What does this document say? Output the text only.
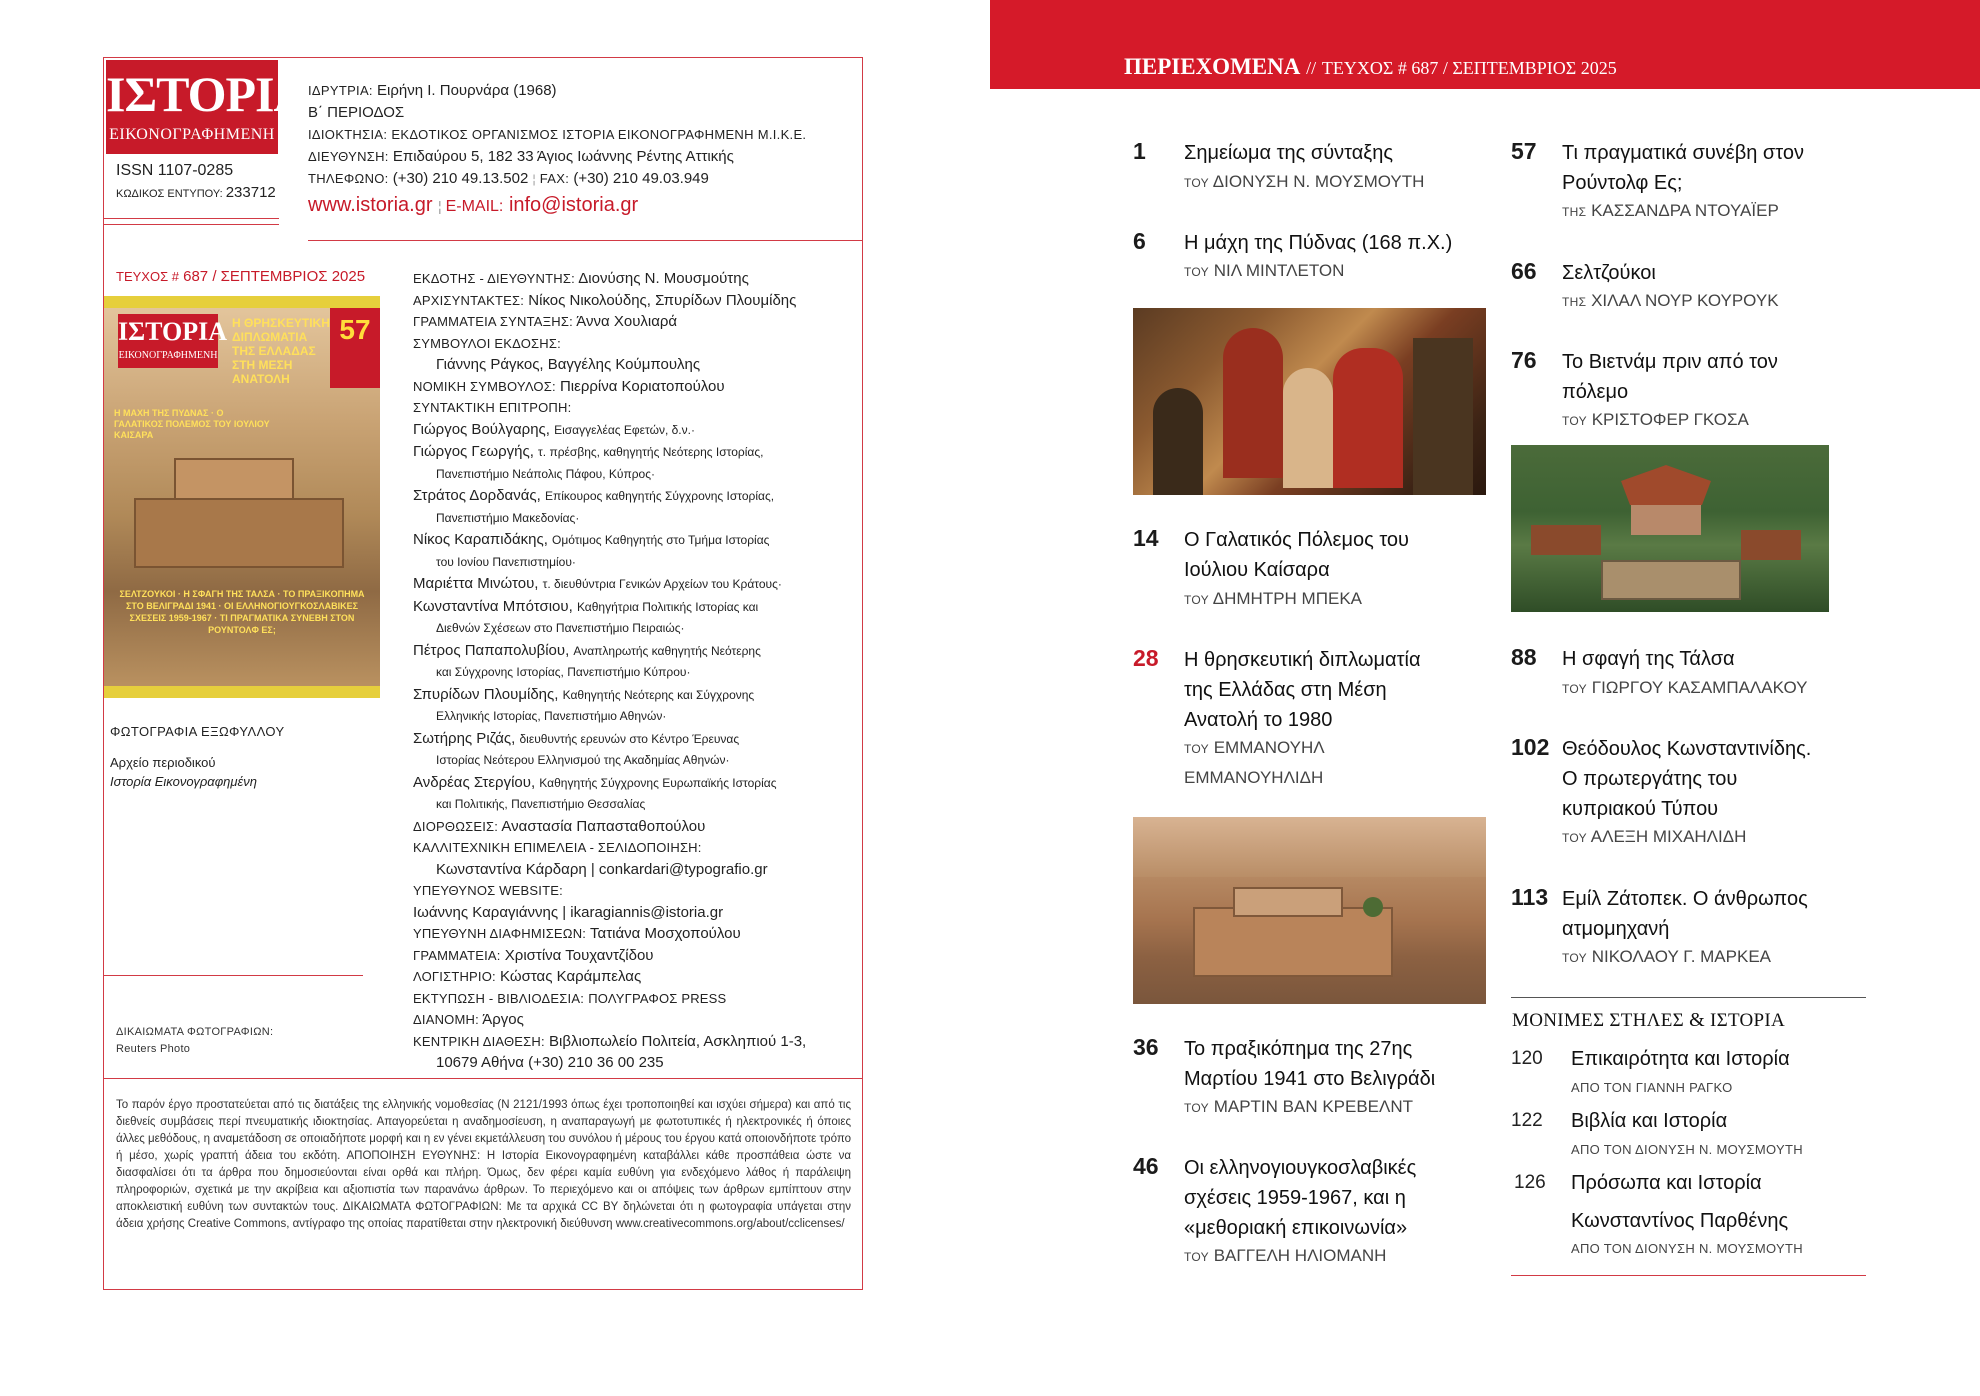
ΙΣΤΟΡΙΑ
ΕΙΚΟΝΟΓΡΑΦΗΜΕΝΗ
ISSN 1107-0285
ΚΩΔΙΚΟΣ ΕΝΤΥΠΟΥ: 233712
ΙΔΡΥΤΡΙΑ: Ειρήνη Ι. Πουρνάρα (1968)
Β΄ ΠΕΡΙΟΔΟΣ
ΙΔΙΟΚΤΗΣΙΑ: ΕΚΔΟΤΙΚΟΣ ΟΡΓΑΝΙΣΜΟΣ ΙΣΤΟΡΙΑ ΕΙΚΟΝΟΓΡΑΦΗΜΕΝΗ Μ.Ι.Κ.Ε.
ΔΙΕΥΘΥΝΣΗ: Επιδαύρου 5, 182 33 Άγιος Ιωάννης Ρέντης Αττικής
ΤΗΛΕΦΩΝΟ: (+30) 210 49.13.502 ¦ FAX: (+30) 210 49.03.949
www.istoria.gr ¦ E-MAIL: info@istoria.gr
ΤΕΥΧΟΣ # 687 / ΣΕΠΤΕΜΒΡΙΟΣ 2025
ΙΣΤΟΡΙΑ
ΕΙΚΟΝΟΓΡΑΦΗΜΕΝΗ
57
Η ΘΡΗΣΚΕΥΤΙΚΗ ΔΙΠΛΩΜΑΤΙΑ ΤΗΣ ΕΛΛΑΔΑΣ ΣΤΗ ΜΕΣΗ ΑΝΑΤΟΛΗ
Η ΜΑΧΗ ΤΗΣ ΠΥΔΝΑΣ · Ο ΓΑΛΑΤΙΚΟΣ ΠΟΛΕΜΟΣ ΤΟΥ ΙΟΥΛΙΟΥ ΚΑΙΣΑΡΑ
ΣΕΛΤΖΟΥΚΟΙ · Η ΣΦΑΓΗ ΤΗΣ ΤΑΛΣΑ · ΤΟ ΠΡΑΞΙΚΟΠΗΜΑ ΣΤΟ ΒΕΛΙΓΡΑΔΙ 1941 · ΟΙ ΕΛΛΗΝΟΓΙΟΥΓΚΟΣΛΑΒΙΚΕΣ ΣΧΕΣΕΙΣ 1959-1967 · ΤΙ ΠΡΑΓΜΑΤΙΚΑ ΣΥΝΕΒΗ ΣΤΟΝ ΡΟΥΝΤΟΛΦ ΕΣ;
ΦΩΤΟΓΡΑΦΙΑ ΕΞΩΦΥΛΛΟΥ
Αρχείο περιοδικού
Ιστορία Εικονογραφημένη
ΔΙΚΑΙΩΜΑΤΑ ΦΩΤΟΓΡΑΦΙΩΝ:
Reuters Photo
ΕΚΔΟΤΗΣ - ΔΙΕΥΘΥΝΤΗΣ: Διονύσης Ν. Μουσμούτης
ΑΡΧΙΣΥΝΤΑΚΤΕΣ: Νίκος Νικολούδης, Σπυρίδων Πλουμίδης
ΓΡΑΜΜΑΤΕΙΑ ΣΥΝΤΑΞΗΣ: Άννα Χουλιαρά
ΣΥΜΒΟΥΛΟΙ ΕΚΔΟΣΗΣ:
Γιάννης Ράγκος, Βαγγέλης Κούμπουλης
ΝΟΜΙΚΗ ΣΥΜΒΟΥΛΟΣ: Πιερρίνα Κοριατοπούλου
ΣΥΝΤΑΚΤΙΚΗ ΕΠΙΤΡΟΠΗ:
Γιώργος Βούλγαρης, Εισαγγελέας Εφετών, δ.ν.·
Γιώργος Γεωργής, τ. πρέσβης, καθηγητής Νεότερης Ιστορίας,
Πανεπιστήμιο Νεάπολις Πάφου, Κύπρος·
Στράτος Δορδανάς, Επίκουρος καθηγητής Σύγχρονης Ιστορίας,
Πανεπιστήμιο Μακεδονίας·
Νίκος Καραπιδάκης, Ομότιμος Καθηγητής στο Τμήμα Ιστορίας
του Ιονίου Πανεπιστημίου·
Μαριέττα Μινώτου, τ. διευθύντρια Γενικών Αρχείων του Κράτους·
Κωνσταντίνα Μπότσιου, Καθηγήτρια Πολιτικής Ιστορίας και
Διεθνών Σχέσεων στο Πανεπιστήμιο Πειραιώς·
Πέτρος Παπαπολυβίου, Αναπληρωτής καθηγητής Νεότερης
και Σύγχρονης Ιστορίας, Πανεπιστήμιο Κύπρου·
Σπυρίδων Πλουμίδης, Καθηγητής Νεότερης και Σύγχρονης
Ελληνικής Ιστορίας, Πανεπιστήμιο Αθηνών·
Σωτήρης Ριζάς, διευθυντής ερευνών στο Κέντρο Έρευνας
Ιστορίας Νεότερου Ελληνισμού της Ακαδημίας Αθηνών·
Ανδρέας Στεργίου, Καθηγητής Σύγχρονης Ευρωπαϊκής Ιστορίας
και Πολιτικής, Πανεπιστήμιο Θεσσαλίας
ΔΙΟΡΘΩΣΕΙΣ: Αναστασία Παπασταθοπούλου
ΚΑΛΛΙΤΕΧΝΙΚΗ ΕΠΙΜΕΛΕΙΑ - ΣΕΛΙΔΟΠΟΙΗΣΗ:
Κωνσταντίνα Κάρδαρη | conkardari@typografio.gr
ΥΠΕΥΘΥΝΟΣ WEBSITE:
Ιωάννης Καραγιάννης | ikaragiannis@istoria.gr
ΥΠΕΥΘΥΝΗ ΔΙΑΦΗΜΙΣΕΩΝ: Τατιάνα Μοσχοπούλου
ΓΡΑΜΜΑΤΕΙΑ: Χριστίνα Τουχαντζίδου
ΛΟΓΙΣΤΗΡΙΟ: Κώστας Καράμπελας
ΕΚΤΥΠΩΣΗ - ΒΙΒΛΙΟΔΕΣΙΑ: ΠΟΛΥΓΡΑΦΟΣ PRESS
ΔΙΑΝΟΜΗ: Άργος
ΚΕΝΤΡΙΚΗ ΔΙΑΘΕΣΗ: Βιβλιοπωλείο Πολιτεία, Ασκληπιού 1-3,
10679 Αθήνα (+30) 210 36 00 235
Το παρόν έργο προστατεύεται από τις διατάξεις της ελληνικής νομοθεσίας (Ν 2121/1993 όπως έχει τροποποιηθεί και ισχύει σήμερα) και από τις διεθνείς συμβάσεις περί πνευματικής ιδιοκτησίας. Απαγορεύεται η αναδημοσίευση, η αναπαραγωγή με φωτοτυπικές ή ηλεκτρονικές ή όποιες άλλες μεθόδους, η αναμετάδοση σε οποιαδήποτε μορφή και η εν γένει εκμετάλλευση του συνόλου ή μέρους του έργου κατά οποιονδήποτε τρόπο ή μέσο, χωρίς γραπτή άδεια του εκδότη. ΑΠΟΠΟΙΗΣΗ ΕΥΘΥΝΗΣ: Η Ιστορία Εικονογραφημένη καταβάλλει κάθε προσπάθεια ώστε να διασφαλίσει ότι τα άρθρα που δημοσιεύονται είναι ορθά και πλήρη. Όμως, δεν φέρει καμία ευθύνη για ενδεχόμενο λάθος ή παράλειψη πληροφοριών, σχετικά με την ακρίβεια και αξιοπιστία των παρανάνω άρθρων. Το περιεχόμενο και οι απόψεις των άρθρων εμπίπτουν στην αποκλειστική ευθύνη των συντακτών τους. ΔΙΚΑΙΩΜΑΤΑ ΦΩΤΟΓΡΑΦΙΩΝ: Με τα αρχικά CC BY δηλώνεται ότι η φωτογραφία υπάγεται στην άδεια χρήσης Creative Commons, αντίγραφο της οποίας παρατίθεται στην ηλεκτρονική διεύθυνση www.creativecommons.org/about/cclicenses/
ΠΕΡΙΕΧΟΜΕΝΑ // ΤΕΥΧΟΣ # 687 / ΣΕΠΤΕΜΒΡΙΟΣ 2025
1 Σημείωμα της σύνταξης
ΤΟΥ ΔΙΟΝΥΣΗ Ν. ΜΟΥΣΜΟΥΤΗ
6 Η μάχη της Πύδνας (168 π.Χ.)
ΤΟΥ ΝΙΛ ΜΙΝΤΛΕΤΟΝ
14 Ο Γαλατικός Πόλεμος του
Ιούλιου Καίσαρα
ΤΟΥ ΔΗΜΗΤΡΗ ΜΠΕΚΑ
28 Η θρησκευτική διπλωματία
της Ελλάδας στη Μέση
Ανατολή το 1980
ΤΟΥ ΕΜΜΑΝΟΥΗΛ
ΕΜΜΑΝΟΥΗΛΙΔΗ
36 Το πραξικόπημα της 27ης
Μαρτίου 1941 στο Βελιγράδι
ΤΟΥ ΜΑΡΤΙΝ ΒΑΝ ΚΡΕΒΕΛΝΤ
46 Οι ελληνογιουγκοσλαβικές
σχέσεις 1959-1967, και η
«μεθοριακή επικοινωνία»
ΤΟΥ ΒΑΓΓΕΛΗ ΗΛΙΟΜΑΝΗ
57 Τι πραγματικά συνέβη στον
Ρούντολφ Ες;
ΤΗΣ ΚΑΣΣΑΝΔΡΑ ΝΤΟΥΑΪΕΡ
66 Σελτζούκοι
ΤΗΣ ΧΙΛΑΛ ΝΟΥΡ ΚΟΥΡΟΥΚ
76 Το Βιετνάμ πριν από τον
πόλεμο
ΤΟΥ ΚΡΙΣΤΟΦΕΡ ΓΚΟΣΑ
88 Η σφαγή της Τάλσα
ΤΟΥ ΓΙΩΡΓΟΥ ΚΑΣΑΜΠΑΛΑΚΟΥ
102 Θεόδουλος Κωνσταντινίδης.
Ο πρωτεργάτης του
κυπριακού Τύπου
ΤΟΥ ΑΛΕΞΗ ΜΙΧΑΗΛΙΔΗ
113 Εμίλ Ζάτοπεκ. Ο άνθρωπος
ατμομηχανή
ΤΟΥ ΝΙΚΟΛΑΟΥ Γ. ΜΑΡΚΕΑ
ΜΟΝΙΜΕΣ ΣΤΗΛΕΣ & ΙΣΤΟΡΙΑ
120 Επικαιρότητα και Ιστορία
ΑΠΟ ΤΟΝ ΓΙΑΝΝΗ ΡΑΓΚΟ
122 Βιβλία και Ιστορία
ΑΠΟ ΤΟΝ ΔΙΟΝΥΣΗ Ν. ΜΟΥΣΜΟΥΤΗ
126 Πρόσωπα και Ιστορία
Κωνσταντίνος Παρθένης
ΑΠΟ ΤΟΝ ΔΙΟΝΥΣΗ Ν. ΜΟΥΣΜΟΥΤΗ
